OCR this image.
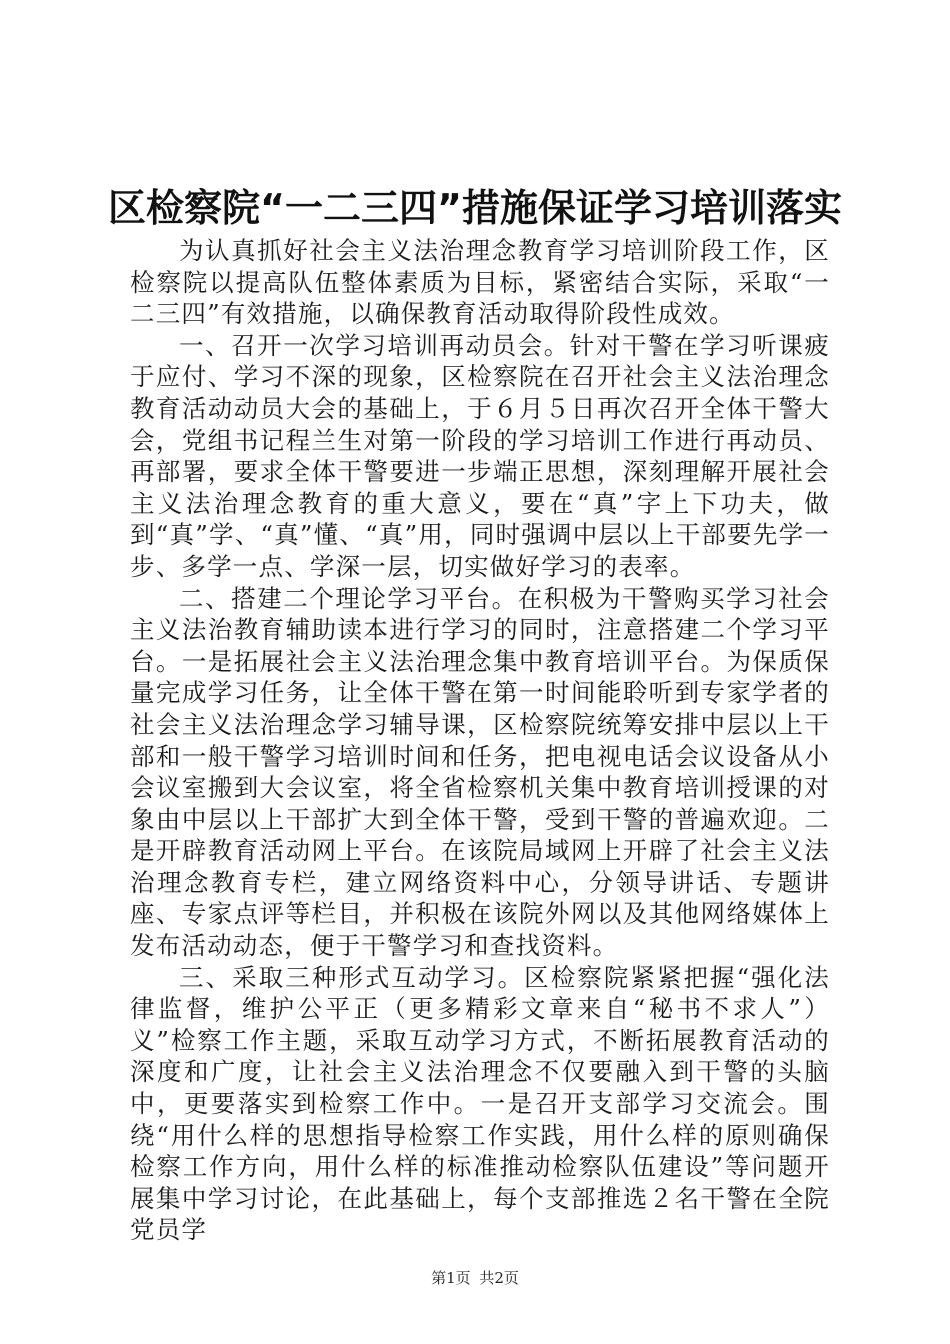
区检察院“一二三四”措施保证学习培训落实

为认真抓好社会主义法治理念教育学习培训阶段工作，区检察院以提高队伍整体素质为目标，紧密结合实际，采取“一二三四”有效措施，以确保教育活动取得阶段性成效。

一、召开一次学习培训再动员会。针对干警在学习听课疲于应付、学习不深的现象，区检察院在召开社会主义法治理念教育活动动员大会的基础上，于６月５日再次召开全体干警大会，党组书记程兰生对第一阶段的学习培训工作进行再动员、再部署，要求全体干警要进一步端正思想，深刻理解开展社会主义法治理念教育的重大意义，要在“真”字上下功夫，做到“真”学、“真”懂、“真”用，同时强调中层以上干部要先学一步、多学一点、学深一层，切实做好学习的表率。

二、搭建二个理论学习平台。在积极为干警购买学习社会主义法治教育辅助读本进行学习的同时，注意搭建二个学习平台。一是拓展社会主义法治理念集中教育培训平台。为保质保量完成学习任务，让全体干警在第一时间能聆听到专家学者的社会主义法治理念学习辅导课，区检察院统筹安排中层以上干部和一般干警学习培训时间和任务，把电视电话会议设备从小会议室搬到大会议室，将全省检察机关集中教育培训授课的对象由中层以上干部扩大到全体干警，受到干警的普遍欢迎。二是开辟教育活动网上平台。在该院局域网上开辟了社会主义法治理念教育专栏，建立网络资料中心，分领导讲话、专题讲座、专家点评等栏目，并积极在该院外网以及其他网络媒体上发布活动动态，便于干警学习和查找资料。

三、采取三种形式互动学习。区检察院紧紧把握“强化法律监督，维护公平正（更多精彩文章来自“秘书不求人”）义”检察工作主题，采取互动学习方式，不断拓展教育活动的深度和广度，让社会主义法治理念不仅要融入到干警的头脑中，更要落实到检察工作中。一是召开支部学习交流会。围绕“用什么样的思想指导检察工作实践，用什么样的原则确保检察工作方向，用什么样的标准推动检察队伍建设”等问题开展集中学习讨论，在此基础上，每个支部推选２名干警在全院党员学

第1页 共2页
